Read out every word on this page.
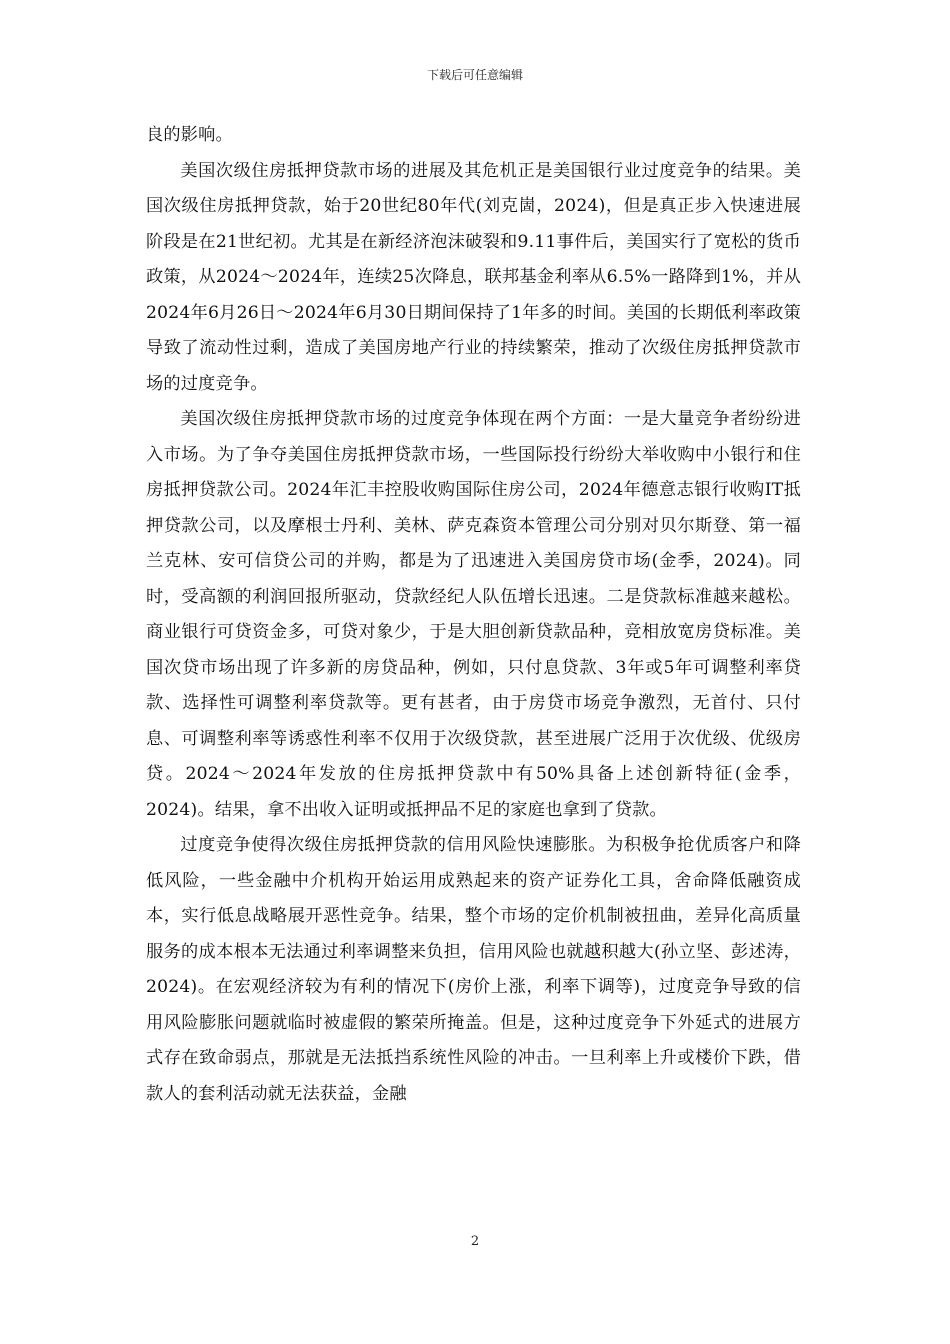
下载后可任意编辑

良的影响。

美国次级住房抵押贷款市场的进展及其危机正是美国银行业过度竞争的结果。美国次级住房抵押贷款，始于20世纪80年代(刘克崮，2024)，但是真正步入快速进展阶段是在21世纪初。尤其是在新经济泡沫破裂和9.11事件后，美国实行了宽松的货币政策，从2024～2024年，连续25次降息，联邦基金利率从6.5%一路降到1%，并从2024年6月26日～2024年6月30日期间保持了1年多的时间。美国的长期低利率政策导致了流动性过剩，造成了美国房地产行业的持续繁荣，推动了次级住房抵押贷款市场的过度竞争。

美国次级住房抵押贷款市场的过度竞争体现在两个方面：一是大量竞争者纷纷进入市场。为了争夺美国住房抵押贷款市场，一些国际投行纷纷大举收购中小银行和住房抵押贷款公司。2024年汇丰控股收购国际住房公司，2024年德意志银行收购IT抵押贷款公司，以及摩根士丹利、美林、萨克森资本管理公司分别对贝尔斯登、第一福兰克林、安可信贷公司的并购，都是为了迅速进入美国房贷市场(金季，2024)。同时，受高额的利润回报所驱动，贷款经纪人队伍增长迅速。二是贷款标准越来越松。商业银行可贷资金多，可贷对象少，于是大胆创新贷款品种，竞相放宽房贷标准。美国次贷市场出现了许多新的房贷品种，例如，只付息贷款、3年或5年可调整利率贷款、选择性可调整利率贷款等。更有甚者，由于房贷市场竞争激烈，无首付、只付息、可调整利率等诱惑性利率不仅用于次级贷款，甚至进展广泛用于次优级、优级房贷。2024～2024年发放的住房抵押贷款中有50%具备上述创新特征(金季，2024)。结果，拿不出收入证明或抵押品不足的家庭也拿到了贷款。

过度竞争使得次级住房抵押贷款的信用风险快速膨胀。为积极争抢优质客户和降低风险，一些金融中介机构开始运用成熟起来的资产证券化工具，舍命降低融资成本，实行低息战略展开恶性竞争。结果，整个市场的定价机制被扭曲，差异化高质量服务的成本根本无法通过利率调整来负担，信用风险也就越积越大(孙立坚、彭述涛，2024)。在宏观经济较为有利的情况下(房价上涨，利率下调等)，过度竞争导致的信用风险膨胀问题就临时被虚假的繁荣所掩盖。但是，这种过度竞争下外延式的进展方式存在致命弱点，那就是无法抵挡系统性风险的冲击。一旦利率上升或楼价下跌，借款人的套利活动就无法获益，金融

2
